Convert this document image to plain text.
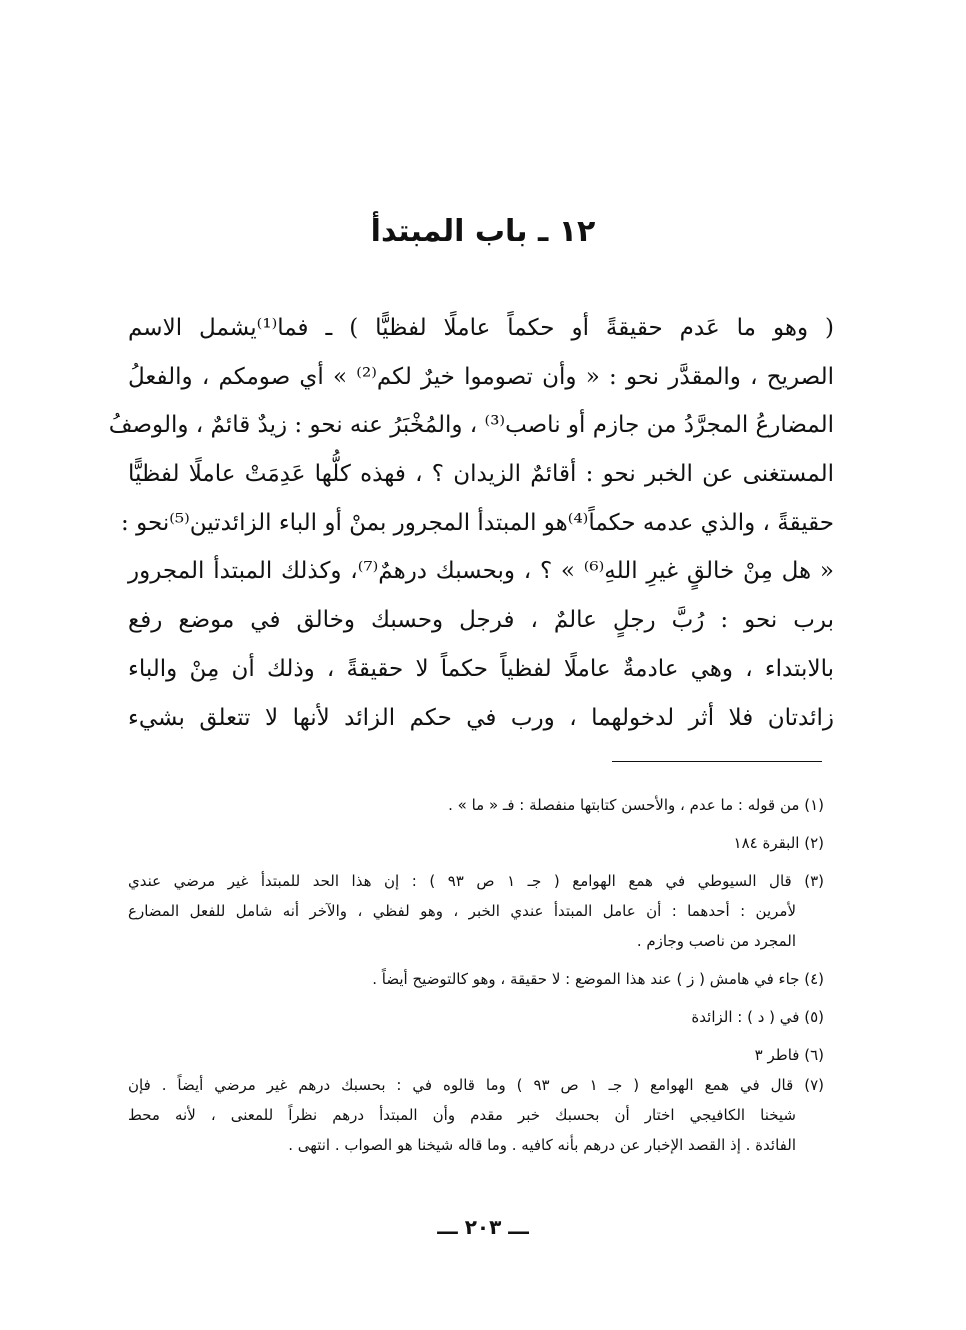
١٢ ـ باب المبتدأ
( وهو ما عَدم حقيقةً أو حكماً عاملًا لفظيًّا ) ـ فما⁽¹⁾يشمل الاسم
الصريح ، والمقدَّر نحو : « وأن تصوموا خيرٌ لكم⁽²⁾ » أي صومكم ، والفعلُ
المضارعُ المجرَّدُ من جازم أو ناصب⁽³⁾ ، والمُخْبَرُ عنه نحو : زيدٌ قائمٌ ، والوصفُ
المستغنى عن الخبر نحو : أقائمٌ الزيدان ؟ ، فهذه كلُّها عَدِمَتْ عاملًا لفظيًّا
حقيقةً ، والذي عدمه حكماً⁽⁴⁾هو المبتدأ المجرور بمنْ أو الباء الزائدتين⁽⁵⁾نحو :
« هل مِنْ خالقٍ غيرِ اللهِ⁽⁶⁾ » ؟ ، وبحسبك درهمٌ⁽⁷⁾، وكذلك المبتدأ المجرور
برب نحو : رُبَّ رجلٍ عالمٌ ، فرجل وحسبك وخالق في موضع رفع
بالابتداء ، وهي عادمةٌ عاملًا لفظياً حكماً لا حقيقةً ، وذلك أن مِنْ والباء
زائدتان فلا أثر لدخولهما ، ورب في حكم الزائد لأنها لا تتعلق بشيء
(١) من قوله : ما عدم ، والأحسن كتابتها منفصلة : فـ « ما » .
(٢) البقرة ١٨٤
(٣) قال السيوطي في همع الهوامع ( جـ ١ ص ٩٣ ) : إن هذا الحد للمبتدأ غير مرضي عندي
لأمرين : أحدهما : أن عامل المبتدأ عندي الخبر ، وهو لفظي ، والآخر أنه شامل للفعل المضارع
المجرد من ناصب وجازم .
(٤) جاء في هامش ( ز ) عند هذا الموضع : لا حقيقة ، وهو كالتوضيح أيضاً .
(٥) في ( د ) : الزائدة
(٦) فاطر ٣
(٧) قال في همع الهوامع ( جـ ١ ص ٩٣ ) وما قالوه في : بحسبك درهم غير مرضي أيضاً . فإن
شيخنا الكافيجي اختار أن بحسبك خبر مقدم وأن المبتدأ درهم نظراً للمعنى ، لأنه محط
الفائدة . إذ القصد الإخبار عن درهم بأنه كافيه . وما قاله شيخنا هو الصواب . انتهى .
ـــ ٢٠٣ ـــ
